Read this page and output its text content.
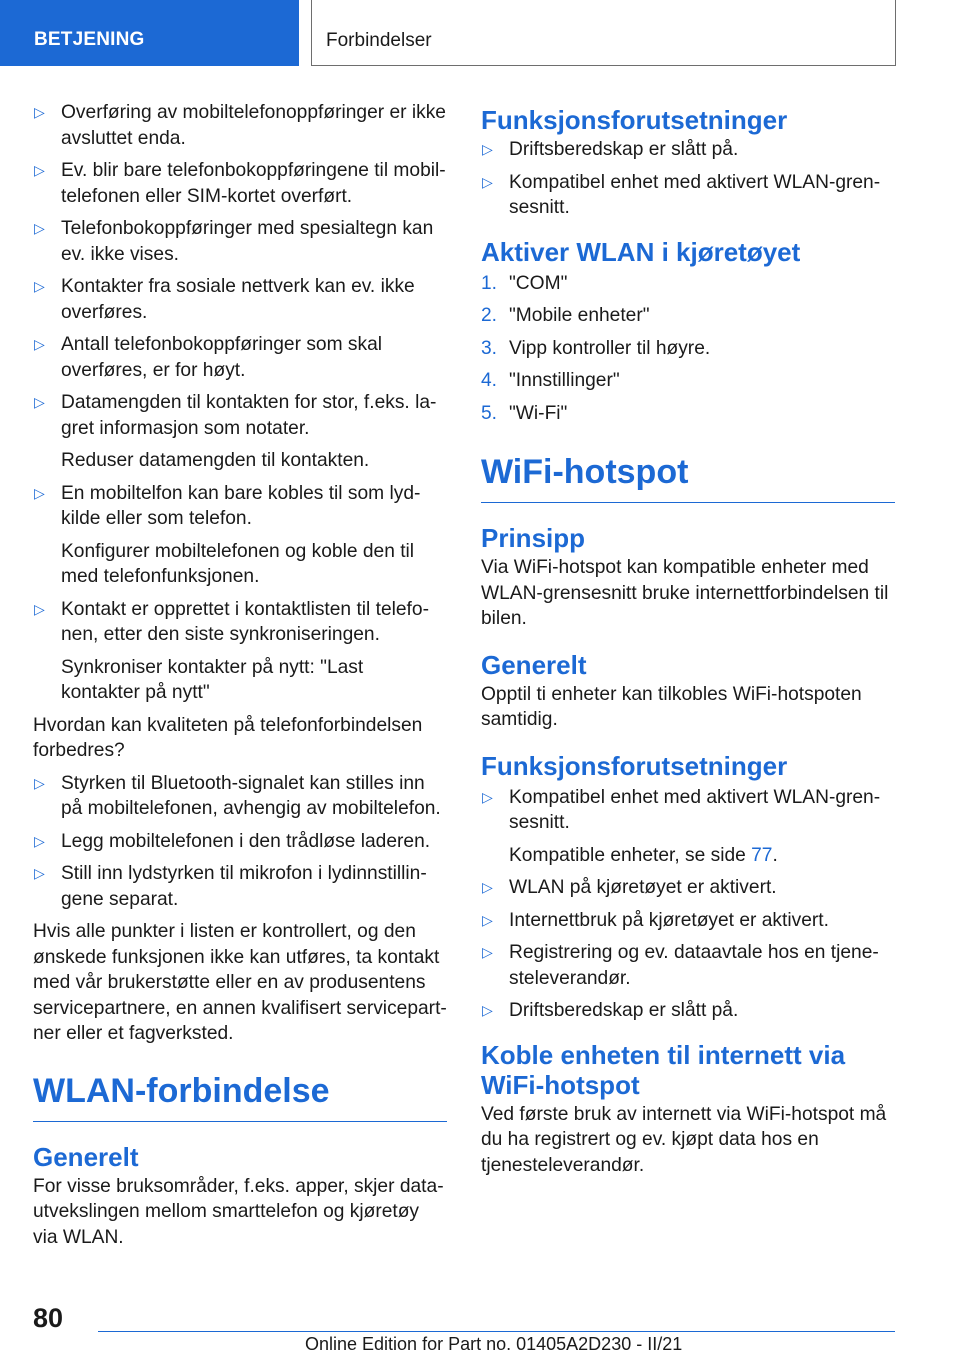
BETJENING	Forbindelser
▷ Overføring av mobiltelefonoppføringer er ikke avsluttet enda.
▷ Ev. blir bare telefonbokoppføringene til mobiltelefonen eller SIM-kortet overført.
▷ Telefonbokoppføringer med spesialtegn kan ev. ikke vises.
▷ Kontakter fra sosiale nettverk kan ev. ikke overføres.
▷ Antall telefonbokoppføringer som skal overføres, er for høyt.
▷ Datamengden til kontakten for stor, f.eks. lagret informasjon som notater.
Reduser datamengden til kontakten.
▷ En mobiltelfon kan bare kobles til som lydkilde eller som telefon.
Konfigurer mobiltelefonen og koble den til med telefonfunksjonen.
▷ Kontakt er opprettet i kontaktlisten til telefonen, etter den siste synkroniseringen.
Synkroniser kontakter på nytt: "Last kontakter på nytt"

Hvordan kan kvaliteten på telefonforbindelsen forbedres?

▷ Styrken til Bluetooth-signalet kan stilles inn på mobiltelefonen, avhengig av mobiltelefon.
▷ Legg mobiltelefonen i den trådløse laderen.
▷ Still inn lydstyrken til mikrofon i lydinnstillingene separat.

Hvis alle punkter i listen er kontrollert, og den ønskede funksjonen ikke kan utføres, ta kontakt med vår brukerstøtte eller en av produsentens servicepartnere, en annen kvalifisert servicepartner eller et fagverksted.

WLAN-forbindelse
Generelt

For visse bruksområder, f.eks. apper, skjer datautvekslingen mellom smarttelefon og kjøretøy via WLAN.

Funksjonsforutsetninger
▷ Driftsberedskap er slått på.
▷ Kompatibel enhet med aktivert WLAN-grensesnitt.
Aktiver WLAN i kjøretøyet
1. "COM"
2. "Mobile enheter"
3. Vipp kontroller til høyre.
4. "Innstillinger"
5. "Wi-Fi"
WiFi-hotspot
Prinsipp

Via WiFi-hotspot kan kompatible enheter med WLAN-grensesnitt bruke internettforbindelsen til bilen.

Generelt

Opptil ti enheter kan tilkobles WiFi-hotspoten samtidig.

Funksjonsforutsetninger
▷ Kompatibel enhet med aktivert WLAN-grensesnitt.
Kompatible enheter, se side 77.
▷ WLAN på kjøretøyet er aktivert.
▷ Internettbruk på kjøretøyet er aktivert.
▷ Registrering og ev. dataavtale hos en tjenesteleverandør.
▷ Driftsberedskap er slått på.
Koble enheten til internett via WiFi-hotspot

Ved første bruk av internett via WiFi-hotspot må du ha registrert og ev. kjøpt data hos en tjenesteleverandør.

80
Online Edition for Part no. 01405A2D230 - II/21
